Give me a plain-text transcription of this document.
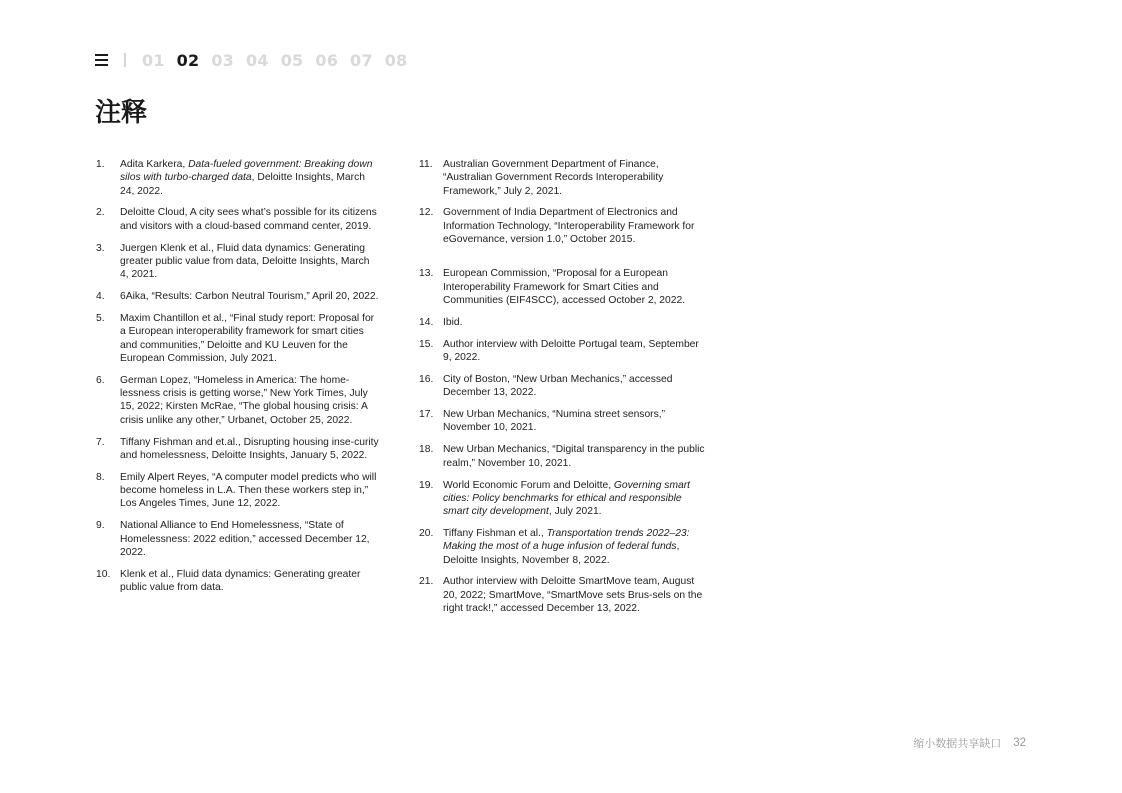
01 02 03 04 05 06 07 08
注释
1.	Adita Karkera, Data-fueled government: Breaking down silos with turbo-charged data, Deloitte Insights, March 24, 2022.
2.	Deloitte Cloud, A city sees what’s possible for its citizens and visitors with a cloud-based command center, 2019.
3.	Juergen Klenk et al., Fluid data dynamics: Generating greater public value from data, Deloitte Insights, March 4, 2021.
4.	6Aika, “Results: Carbon Neutral Tourism,” April 20, 2022.
5.	Maxim Chantillon et al., “Final study report: Proposal for a European interoperability framework for smart cities and communities,” Deloitte and KU Leuven for the European Commission, July 2021.
6.	German Lopez, “Homeless in America: The home-lessness crisis is getting worse,” New York Times, July 15, 2022; Kirsten McRae, “The global housing crisis: A crisis unlike any other,” Urbanet, October 25, 2022.
7.	Tiffany Fishman and et.al., Disrupting housing inse-curity and homelessness, Deloitte Insights, January 5, 2022.
8.	Emily Alpert Reyes, “A computer model predicts who will become homeless in L.A. Then these workers step in,” Los Angeles Times, June 12, 2022.
9.	National Alliance to End Homelessness, “State of Homelessness: 2022 edition,” accessed December 12, 2022.
10. Klenk et al., Fluid data dynamics: Generating greater public value from data.
11.	Australian Government Department of Finance, “Australian Government Records Interoperability Framework,” July 2, 2021.
12. Government of India Department of Electronics and Information Technology, “Interoperability Framework for eGovernance, version 1.0,” October 2015.
13. European Commission, “Proposal for a European Interoperability Framework for Smart Cities and Communities (EIF4SCC), accessed October 2, 2022.
14. Ibid.
15. Author interview with Deloitte Portugal team, September 9, 2022.
16. City of Boston, “New Urban Mechanics,” accessed December 13, 2022.
17. New Urban Mechanics, “Numina street sensors,” November 10, 2021.
18. New Urban Mechanics, “Digital transparency in the public realm,” November 10, 2021.
19. World Economic Forum and Deloitte, Governing smart cities: Policy benchmarks for ethical and responsible smart city development, July 2021.
20. Tiffany Fishman et al., Transportation trends 2022–23: Making the most of a huge infusion of federal funds, Deloitte Insights, November 8, 2022.
21. Author interview with Deloitte SmartMove team, August 20, 2022; SmartMove, “SmartMove sets Brus-sels on the right track!,” accessed December 13, 2022.
缩小数据共享缺口 32
